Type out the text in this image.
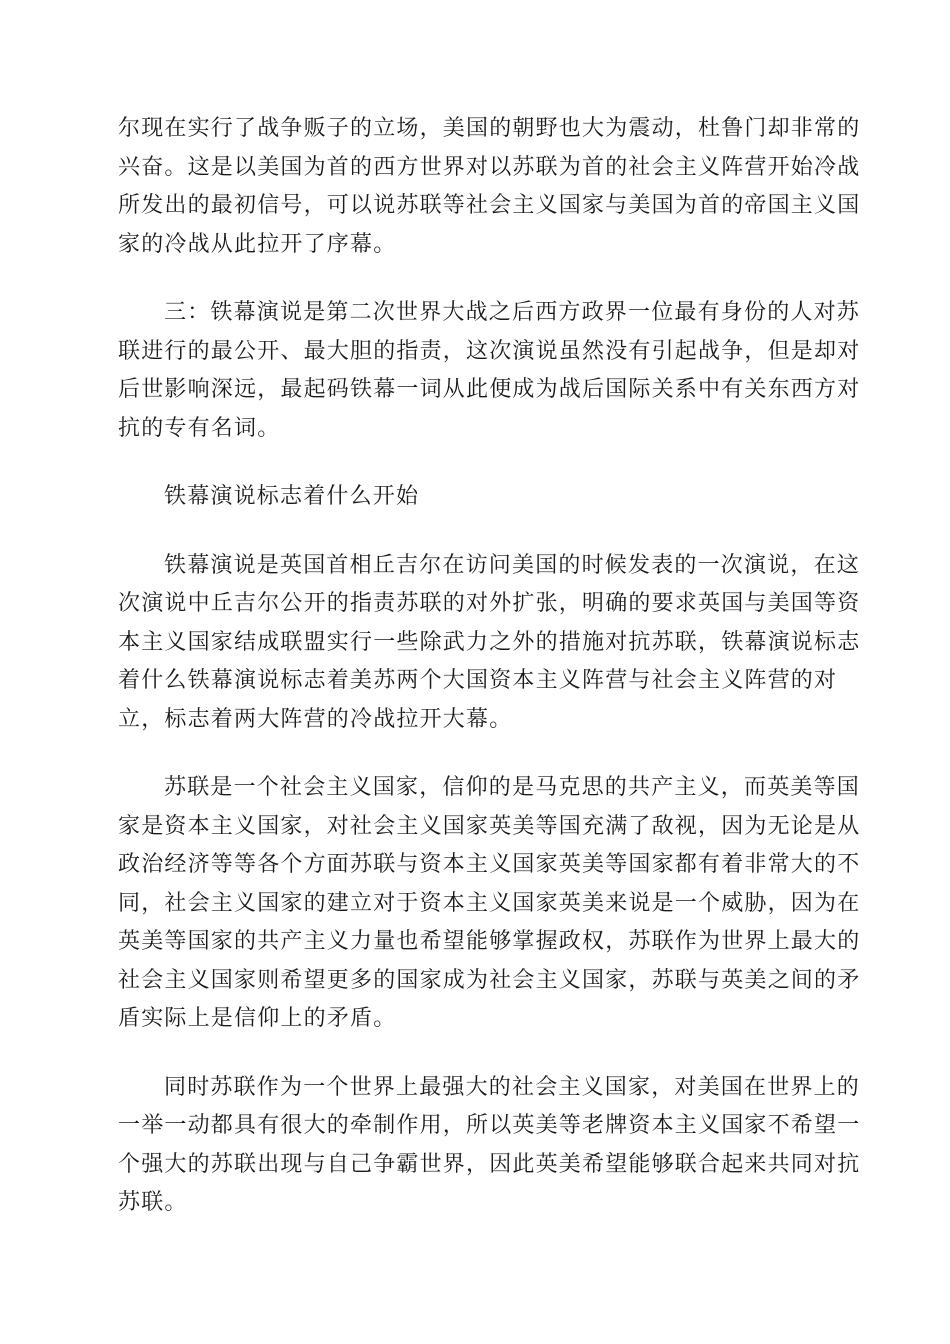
尔现在实行了战争贩子的立场，美国的朝野也大为震动，杜鲁门却非常的
兴奋。这是以美国为首的西方世界对以苏联为首的社会主义阵营开始冷战
所发出的最初信号，可以说苏联等社会主义国家与美国为首的帝国主义国
家的冷战从此拉开了序幕。

三：铁幕演说是第二次世界大战之后西方政界一位最有身份的人对苏
联进行的最公开、最大胆的指责，这次演说虽然没有引起战争，但是却对
后世影响深远，最起码铁幕一词从此便成为战后国际关系中有关东西方对
抗的专有名词。

铁幕演说标志着什么开始

铁幕演说是英国首相丘吉尔在访问美国的时候发表的一次演说，在这
次演说中丘吉尔公开的指责苏联的对外扩张，明确的要求英国与美国等资
本主义国家结成联盟实行一些除武力之外的措施对抗苏联，铁幕演说标志
着什么铁幕演说标志着美苏两个大国资本主义阵营与社会主义阵营的对
立，标志着两大阵营的冷战拉开大幕。

苏联是一个社会主义国家，信仰的是马克思的共产主义，而英美等国
家是资本主义国家，对社会主义国家英美等国充满了敌视，因为无论是从
政治经济等等各个方面苏联与资本主义国家英美等国家都有着非常大的不
同，社会主义国家的建立对于资本主义国家英美来说是一个威胁，因为在
英美等国家的共产主义力量也希望能够掌握政权，苏联作为世界上最大的
社会主义国家则希望更多的国家成为社会主义国家，苏联与英美之间的矛
盾实际上是信仰上的矛盾。

同时苏联作为一个世界上最强大的社会主义国家，对美国在世界上的
一举一动都具有很大的牵制作用，所以英美等老牌资本主义国家不希望一
个强大的苏联出现与自己争霸世界，因此英美希望能够联合起来共同对抗
苏联。
